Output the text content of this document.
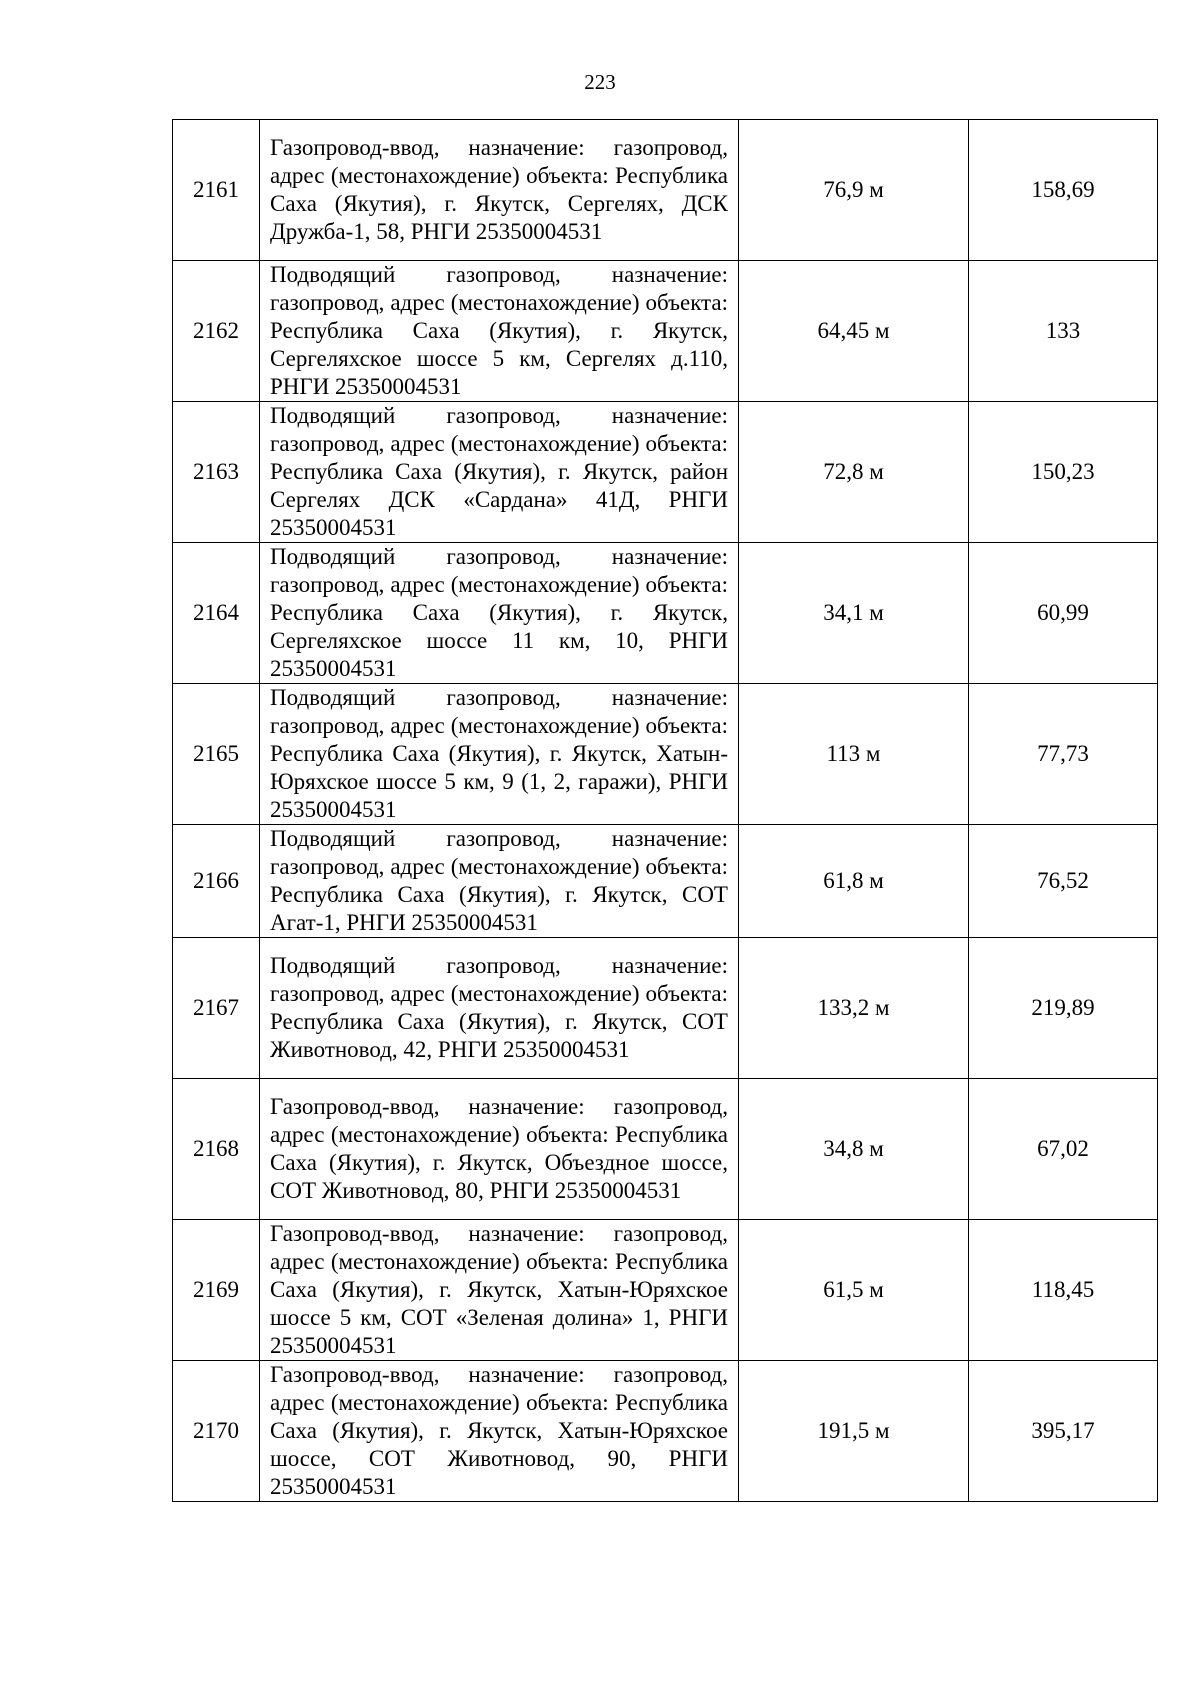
223
2161	Газопровод-ввод, назначение: газопровод, адрес (местонахождение) объекта: Республика Саха (Якутия), г. Якутск, Сергелях, ДСК Дружба-1, 58, РНГИ 25350004531	76,9 м	158,69
2162	Подводящий газопровод, назначение: газопровод, адрес (местонахождение) объекта: Республика Саха (Якутия), г. Якутск, Сергеляхское шоссе 5 км, Сергелях д.110, РНГИ 25350004531	64,45 м	133
2163	Подводящий газопровод, назначение: газопровод, адрес (местонахождение) объекта: Республика Саха (Якутия), г. Якутск, район Сергелях ДСК «Сардана» 41Д, РНГИ 25350004531	72,8 м	150,23
2164	Подводящий газопровод, назначение: газопровод, адрес (местонахождение) объекта: Республика Саха (Якутия), г. Якутск, Сергеляхское шоссе 11 км, 10, РНГИ 25350004531	34,1 м	60,99
2165	Подводящий газопровод, назначение: газопровод, адрес (местонахождение) объекта: Республика Саха (Якутия), г. Якутск, Хатын-Юряхское шоссе 5 км, 9 (1, 2, гаражи), РНГИ 25350004531	113 м	77,73
2166	Подводящий газопровод, назначение: газопровод, адрес (местонахождение) объекта: Республика Саха (Якутия), г. Якутск, СОТ Агат-1, РНГИ 25350004531	61,8 м	76,52
2167	Подводящий газопровод, назначение: газопровод, адрес (местонахождение) объекта: Республика Саха (Якутия), г. Якутск, СОТ Животновод, 42, РНГИ 25350004531	133,2 м	219,89
2168	Газопровод-ввод, назначение: газопровод, адрес (местонахождение) объекта: Республика Саха (Якутия), г. Якутск, Объездное шоссе, СОТ Животновод, 80, РНГИ 25350004531	34,8 м	67,02
2169	Газопровод-ввод, назначение: газопровод, адрес (местонахождение) объекта: Республика Саха (Якутия), г. Якутск, Хатын-Юряхское шоссе 5 км, СОТ «Зеленая долина» 1, РНГИ 25350004531	61,5 м	118,45
2170	Газопровод-ввод, назначение: газопровод, адрес (местонахождение) объекта: Республика Саха (Якутия), г. Якутск, Хатын-Юряхское шоссе, СОТ Животновод, 90, РНГИ 25350004531	191,5 м	395,17
